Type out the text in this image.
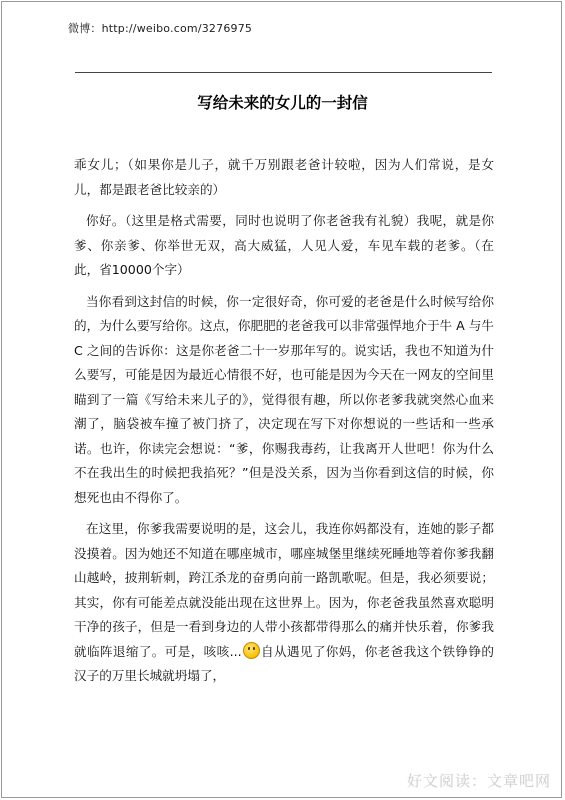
微博：http://weibo.com/3276975
写给未来的女儿的一封信

乖女儿；（如果你是儿子，就千万别跟老爸计较啦，因为人们常说，是女儿，都是跟老爸比较亲的）

你好。（这里是格式需要，同时也说明了你老爸我有礼貌）我呢，就是你爹、你亲爹、你举世无双，高大威猛，人见人爱，车见车载的老爹。（在此，省10000个字）

当你看到这封信的时候，你一定很好奇，你可爱的老爸是什么时候写给你的，为什么要写给你。这点，你肥肥的老爸我可以非常强悍地介于牛 A 与牛 C 之间的告诉你：这是你老爸二十一岁那年写的。说实话，我也不知道为什么要写，可能是因为最近心情很不好，也可能是因为今天在一网友的空间里瞄到了一篇《写给未来儿子的》，觉得很有趣，所以你老爹我就突然心血来潮了，脑袋被车撞了被门挤了，决定现在写下对你想说的一些话和一些承诺。也许，你读完会想说：“爹，你赐我毒药，让我离开人世吧！你为什么不在我出生的时候把我掐死？”但是没关系，因为当你看到这信的时候，你想死也由不得你了。

在这里，你爹我需要说明的是，这会儿，我连你妈都没有，连她的影子都没摸着。因为她还不知道在哪座城市，哪座城堡里继续死睡地等着你爹我翻山越岭，披荆斩刺，跨江杀龙的奋勇向前一路凯歌呢。但是，我必须要说；其实，你有可能差点就没能出现在这世界上。因为，你老爸我虽然喜欢聪明干净的孩子，但是一看到身边的人带小孩都带得那么的痛并快乐着，你爹我就临阵退缩了。可是，咳咳... 自从遇见了你妈，你老爸我这个铁铮铮的汉子的万里长城就坍塌了，

好文阅读：文章吧网
